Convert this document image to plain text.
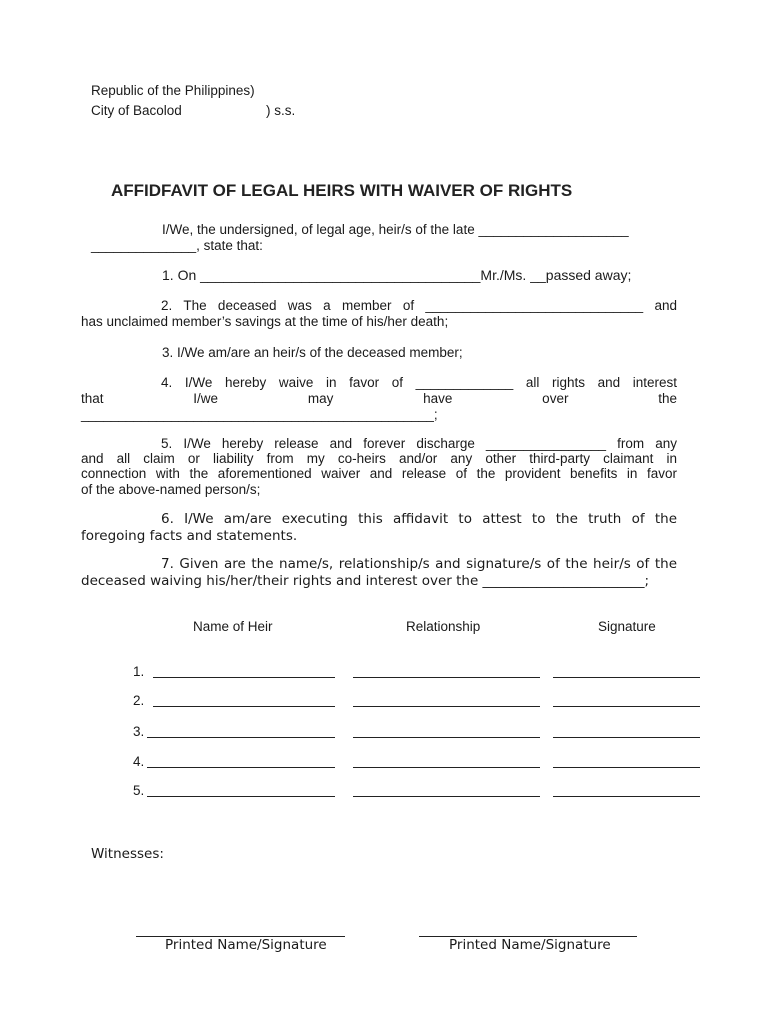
Republic of the Philippines)
City of Bacolod	) s.s.
AFFIDFAVIT OF LEGAL HEIRS WITH WAIVER OF RIGHTS
I/We, the undersigned, of legal age, heir/s of the late ____________________
______________, state that:
1. On ____________________________________Mr./Ms. __passed away;
2. The deceased was a member of _____________________________ and
has unclaimed member’s savings at the time of his/her death;
3. I/We am/are an heir/s of the deceased member;
4. I/We hereby waive in favor of _____________ all rights and interest
that I/we may have over the
_______________________________________________;
5. I/We hereby release and forever discharge ________________ from any
and all claim or liability from my co-heirs and/or any other third-party claimant in
connection with the aforementioned waiver and release of the provident benefits in favor
of the above-named person/s;
6. I/We am/are executing this affidavit to attest to the truth of the
foregoing facts and statements.
7. Given are the name/s, relationship/s and signature/s of the heir/s of the
deceased waiving his/her/their rights and interest over the ________________________;
Name of Heir	Relationship	Signature
1.
2.
3.
4.
5.
Witnesses:
Printed Name/Signature	Printed Name/Signature
